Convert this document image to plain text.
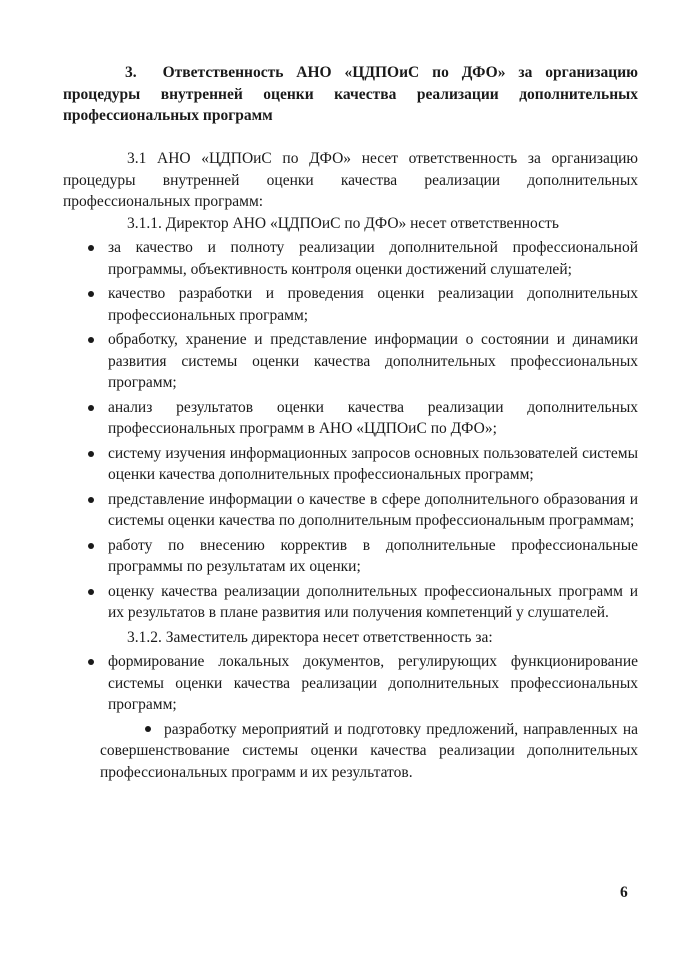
3. Ответственность АНО «ЦДПОиС по ДФО» за организацию процедуры внутренней оценки качества реализации дополнительных профессиональных программ

3.1 АНО «ЦДПОиС по ДФО» несет ответственность за организацию процедуры внутренней оценки качества реализации дополнительных профессиональных программ:

3.1.1. Директор АНО «ЦДПОиС по ДФО» несет ответственность

за качество и полноту реализации дополнительной профессиональной программы, объективность контроля оценки достижений слушателей;
качество разработки и проведения оценки реализации дополнительных профессиональных программ;
обработку, хранение и представление информации о состоянии и динамики развития системы оценки качества дополнительных профессиональных программ;
анализ результатов оценки качества реализации дополнительных профессиональных программ в АНО «ЦДПОиС по ДФО»;
систему изучения информационных запросов основных пользователей системы оценки качества дополнительных профессиональных программ;
представление информации о качестве в сфере дополнительного образования и системы оценки качества по дополнительным профессиональным программам;
работу по внесению корректив в дополнительные профессиональные программы по результатам их оценки;
оценку качества реализации дополнительных профессиональных программ и их результатов в плане развития или получения компетенций у слушателей.

3.1.2. Заместитель директора несет ответственность за:

формирование локальных документов, регулирующих функционирование системы оценки качества реализации дополнительных профессиональных программ;

разработку мероприятий и подготовку предложений, направленных на совершенствование системы оценки качества реализации дополнительных профессиональных программ и их результатов.

6
